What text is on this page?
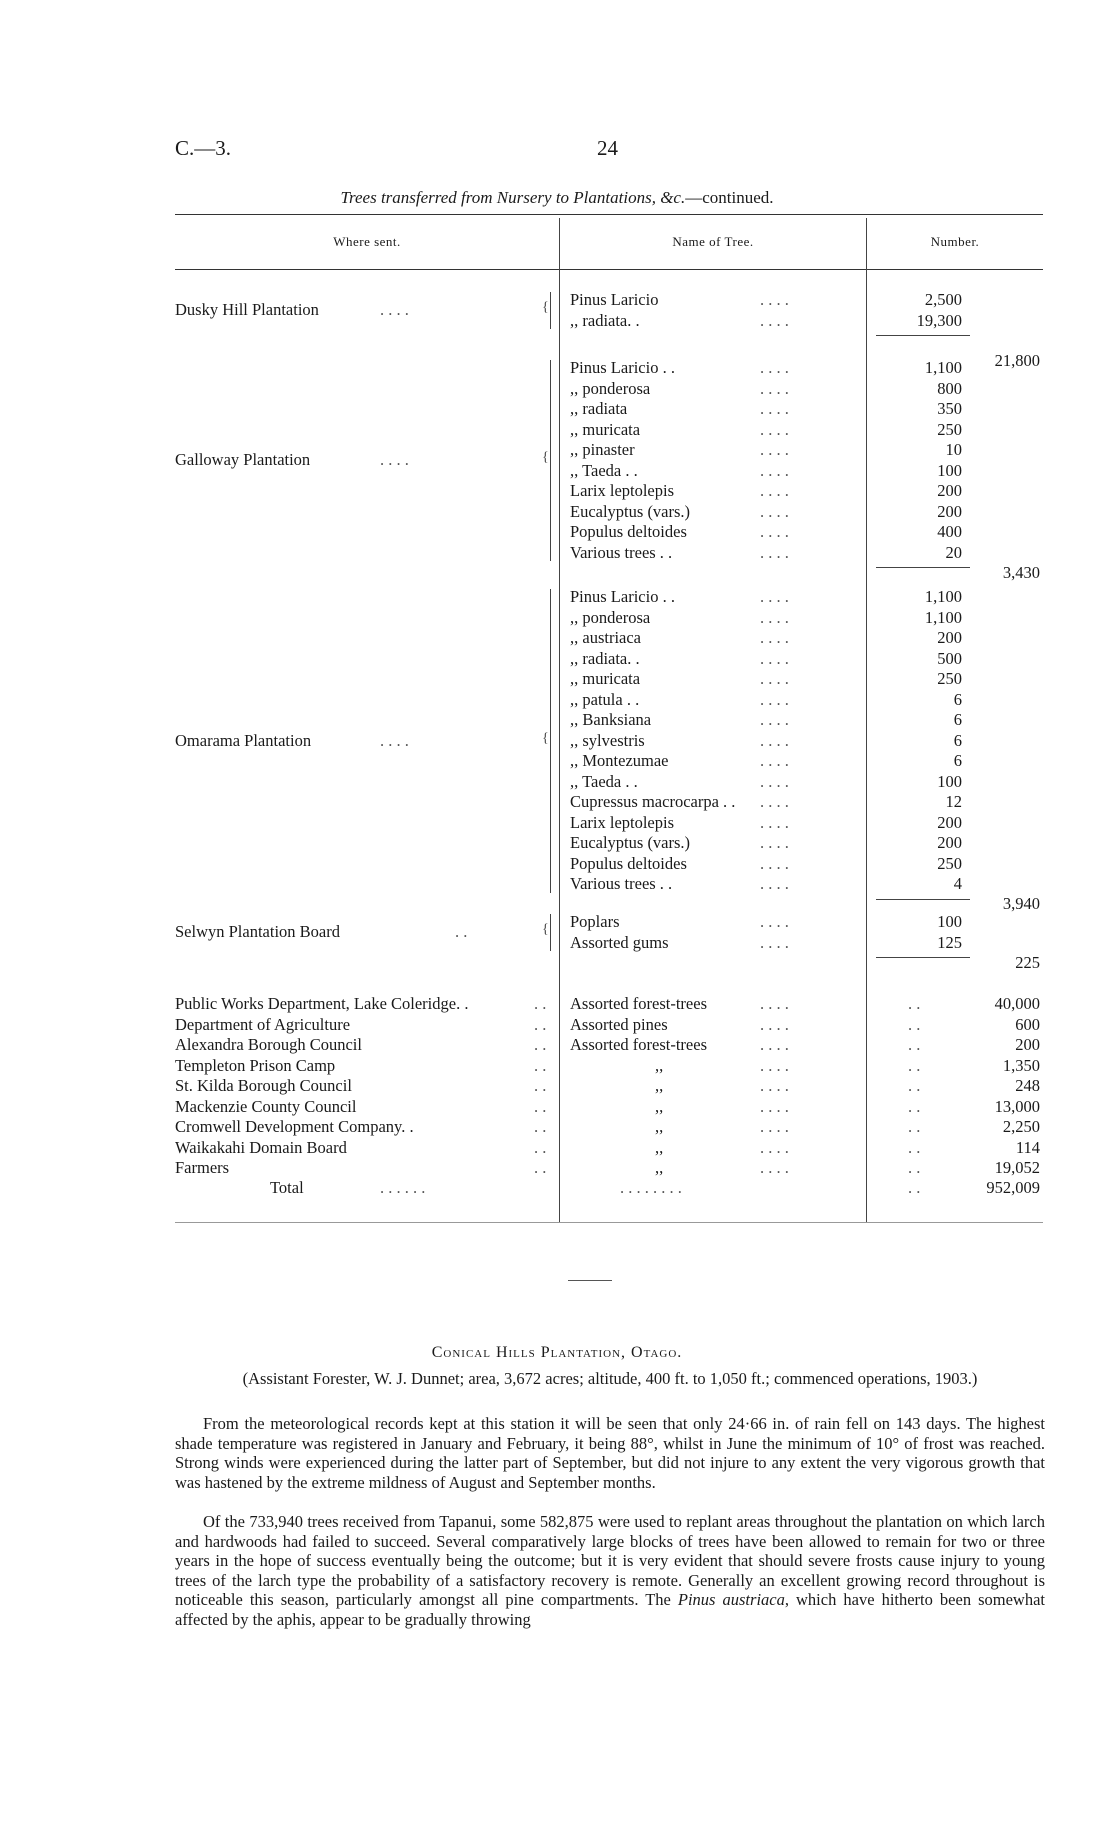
C.—3.	24
Trees transferred from Nursery to Plantations, &c.—continued.
Where sent.	Name of Tree.	Number.
Dusky Hill Plantation	. . . .	{ Pinus Laricio	. . . .	2,500
,, radiata. .	. . . .	19,300
21,800
Galloway Plantation	. . . .	{
Pinus Laricio . .	. . . .	1,100
,, ponderosa	. . . .	800
,, radiata	. . . .	350
,, muricata	. . . .	250
,, pinaster	. . . .	10
,, Taeda . .	. . . .	100
Larix leptolepis	. . . .	200
Eucalyptus (vars.)	. . . .	200
Populus deltoides	. . . .	400
Various trees . .	. . . .	20
3,430
Omarama Plantation	. . . .	{
Pinus Laricio . .	. . . .	1,100
,, ponderosa	. . . .	1,100
,, austriaca	. . . .	200
,, radiata. .	. . . .	500
,, muricata	. . . .	250
,, patula . .	. . . .	6
,, Banksiana	. . . .	6
,, sylvestris	. . . .	6
,, Montezumae	. . . .	6
,, Taeda . .	. . . .	100
Cupressus macrocarpa . . . . . .	12
Larix leptolepis	. . . .	200
Eucalyptus (vars.)	. . . .	200
Populus deltoides	. . . .	250
Various trees . .	. . . .	4
3,940
Selwyn Plantation Board	. .	{ Poplars	. . . .	100
Assorted gums	. . . .	125
225
Public Works Department, Lake Coleridge. .	. . Assorted forest-trees	. . . .	. .	40,000
Department of Agriculture	. . Assorted pines	. . . .	. .	600
Alexandra Borough Council	. . Assorted forest-trees	. . . .	. .	200
Templeton Prison Camp	. .	,,	. . . .	. .	1,350
St. Kilda Borough Council	. .	,,	. . . .	. .	248
Mackenzie County Council	. .	,,	. . . .	. .	13,000
Cromwell Development Company. .	. .	,,	. . . .	. .	2,250
Waikakahi Domain Board	. .	,,	. . . .	. .	114
Farmers	. .	,,	. . . .	. .	19,052
Total	. . . . . .	. . . . . . . .	. .	952,009
Conical Hills Plantation, Otago.
(Assistant Forester, W. J. Dunnet; area, 3,672 acres; altitude, 400 ft. to 1,050 ft.; commenced operations, 1903.)
From the meteorological records kept at this station it will be seen that only 24·66 in. of rain fell on 143 days. The highest shade temperature was registered in January and February, it being 88°, whilst in June the minimum of 10° of frost was reached. Strong winds were experienced during the latter part of September, but did not injure to any extent the very vigorous growth that was hastened by the extreme mildness of August and September months.
Of the 733,940 trees received from Tapanui, some 582,875 were used to replant areas throughout the plantation on which larch and hardwoods had failed to succeed. Several comparatively large blocks of trees have been allowed to remain for two or three years in the hope of success eventually being the outcome; but it is very evident that should severe frosts cause injury to young trees of the larch type the probability of a satisfactory recovery is remote. Generally an excellent growing record throughout is noticeable this season, particularly amongst all pine compartments. The Pinus austriaca, which have hitherto been somewhat affected by the aphis, appear to be gradually throwing
